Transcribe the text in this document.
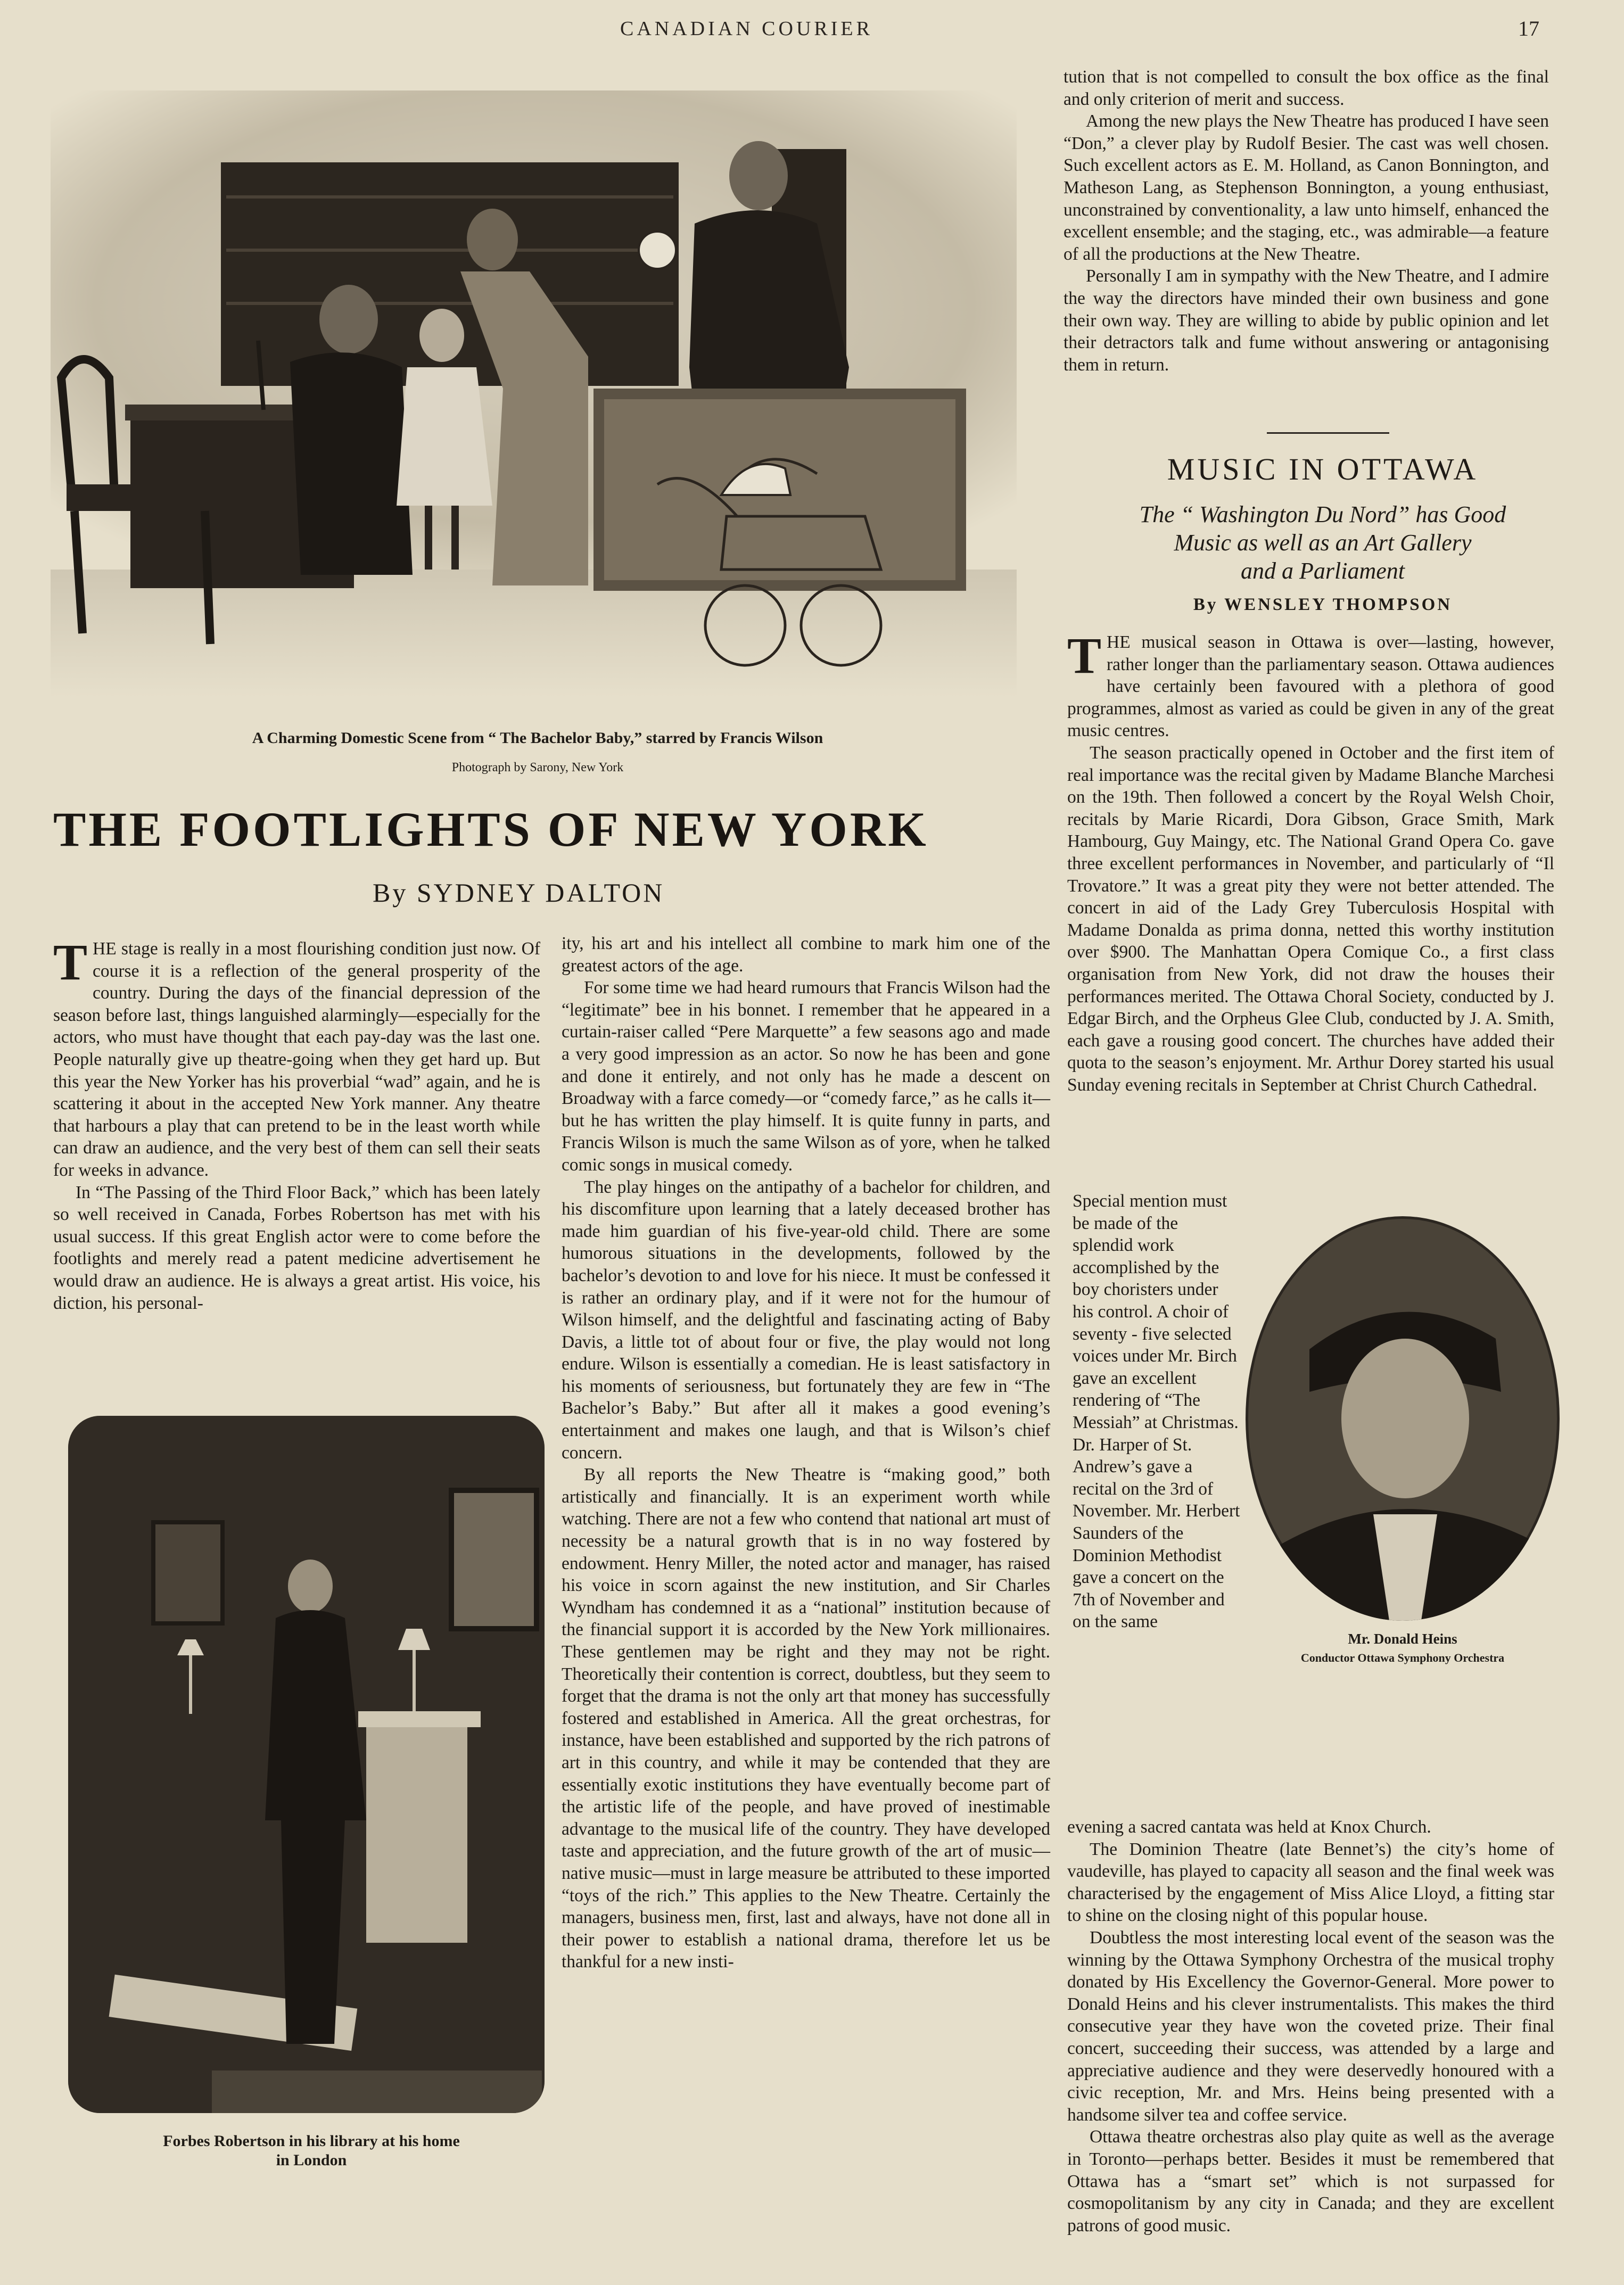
CANADIAN COURIER	17
A Charming Domestic Scene from “ The Bachelor Baby,” starred by Francis Wilson
Photograph by Sarony, New York
THE FOOTLIGHTS OF NEW YORK
By SYDNEY DALTON
T HE stage is really in a most flourishing condition just now. Of course it is a reflection of the general prosperity of the country. During the days of the financial depression of the season before last, things languished alarmingly—especially for the actors, who must have thought that each pay-day was the last one. People naturally give up theatre-going when they get hard up. But this year the New Yorker has his proverbial “wad” again, and he is scattering it about in the accepted New York manner. Any theatre that harbours a play that can pretend to be in the least worth while can draw an audience, and the very best of them can sell their seats for weeks in advance.

In “The Passing of the Third Floor Back,” which has been lately so well received in Canada, Forbes Robertson has met with his usual success. If this great English actor were to come before the footlights and merely read a patent medicine advertisement he would draw an audience. He is always a great artist. His voice, his diction, his personal-

Forbes Robertson in his library at his home
in London

ity, his art and his intellect all combine to mark him one of the greatest actors of the age.

For some time we had heard rumours that Francis Wilson had the “legitimate” bee in his bonnet. I remember that he appeared in a curtain-raiser called “Pere Marquette” a few seasons ago and made a very good impression as an actor. So now he has been and gone and done it entirely, and not only has he made a descent on Broadway with a farce comedy—or “comedy farce,” as he calls it—but he has written the play himself. It is quite funny in parts, and Francis Wilson is much the same Wilson as of yore, when he talked comic songs in musical comedy.

The play hinges on the antipathy of a bachelor for children, and his discomfiture upon learning that a lately deceased brother has made him guardian of his five-year-old child. There are some humorous situations in the developments, followed by the bachelor’s devotion to and love for his niece. It must be confessed it is rather an ordinary play, and if it were not for the humour of Wilson himself, and the delightful and fascinating acting of Baby Davis, a little tot of about four or five, the play would not long endure. Wilson is essentially a comedian. He is least satisfactory in his moments of seriousness, but fortunately they are few in “The Bachelor’s Baby.” But after all it makes a good evening’s entertainment and makes one laugh, and that is Wilson’s chief concern.

By all reports the New Theatre is “making good,” both artistically and financially. It is an experiment worth while watching. There are not a few who contend that national art must of necessity be a natural growth that is in no way fostered by endowment. Henry Miller, the noted actor and manager, has raised his voice in scorn against the new institution, and Sir Charles Wyndham has condemned it as a “national” institution because of the financial support it is accorded by the New York millionaires. These gentlemen may be right and they may not be right. Theoretically their contention is correct, doubtless, but they seem to forget that the drama is not the only art that money has successfully fostered and established in America. All the great orchestras, for instance, have been established and supported by the rich patrons of art in this country, and while it may be contended that they are essentially exotic institutions they have eventually become part of the artistic life of the people, and have proved of inestimable advantage to the musical life of the country. They have developed taste and appreciation, and the future growth of the art of music—native music—must in large measure be attributed to these imported “toys of the rich.” This applies to the New Theatre. Certainly the managers, business men, first, last and always, have not done all in their power to establish a national drama, therefore let us be thankful for a new insti-

tution that is not compelled to consult the box office as the final and only criterion of merit and success.

Among the new plays the New Theatre has produced I have seen “Don,” a clever play by Rudolf Besier. The cast was well chosen. Such excellent actors as E. M. Holland, as Canon Bonnington, and Matheson Lang, as Stephenson Bonnington, a young enthusiast, unconstrained by conventionality, a law unto himself, enhanced the excellent ensemble; and the staging, etc., was admirable—a feature of all the productions at the New Theatre.

Personally I am in sympathy with the New Theatre, and I admire the way the directors have minded their own business and gone their own way. They are willing to abide by public opinion and let their detractors talk and fume without answering or antagonising them in return.

MUSIC IN OTTAWA
The “ Washington Du Nord” has Good
Music as well as an Art Gallery
and a Parliament
By WENSLEY THOMPSON
T HE musical season in Ottawa is over—lasting, however, rather longer than the parliamentary season. Ottawa audiences have certainly been favoured with a plethora of good programmes, almost as varied as could be given in any of the great music centres.

The season practically opened in October and the first item of real importance was the recital given by Madame Blanche Marchesi on the 19th. Then followed a concert by the Royal Welsh Choir, recitals by Marie Ricardi, Dora Gibson, Grace Smith, Mark Hambourg, Guy Maingy, etc. The National Grand Opera Co. gave three excellent performances in November, and particularly of “Il Trovatore.” It was a great pity they were not better attended. The concert in aid of the Lady Grey Tuberculosis Hospital with Madame Donalda as prima donna, netted this worthy institution over $900. The Manhattan Opera Comique Co., a first class organisation from New York, did not draw the houses their performances merited. The Ottawa Choral Society, conducted by J. Edgar Birch, and the Orpheus Glee Club, conducted by J. A. Smith, each gave a rousing good concert. The churches have added their quota to the season’s enjoyment. Mr. Arthur Dorey started his usual Sunday evening recitals in September at Christ Church Cathedral.

Special mention must be made of the splendid work accomplished by the boy choristers under his control. A choir of seventy - five selected voices under Mr. Birch gave an excellent rendering of “The Messiah” at Christmas. Dr. Harper of St. Andrew’s gave a recital on the 3rd of November. Mr. Herbert Saunders of the Dominion Methodist gave a concert on the 7th of November and on the same

Mr. Donald Heins
Conductor Ottawa Symphony Orchestra

evening a sacred cantata was held at Knox Church.

The Dominion Theatre (late Bennet’s) the city’s home of vaudeville, has played to capacity all season and the final week was characterised by the engagement of Miss Alice Lloyd, a fitting star to shine on the closing night of this popular house.

Doubtless the most interesting local event of the season was the winning by the Ottawa Symphony Orchestra of the musical trophy donated by His Excellency the Governor-General. More power to Donald Heins and his clever instrumentalists. This makes the third consecutive year they have won the coveted prize. Their final concert, succeeding their success, was attended by a large and appreciative audience and they were deservedly honoured with a civic reception, Mr. and Mrs. Heins being presented with a handsome silver tea and coffee service.

Ottawa theatre orchestras also play quite as well as the average in Toronto—perhaps better. Besides it must be remembered that Ottawa has a “smart set” which is not surpassed for cosmopolitanism by any city in Canada; and they are excellent patrons of good music.
